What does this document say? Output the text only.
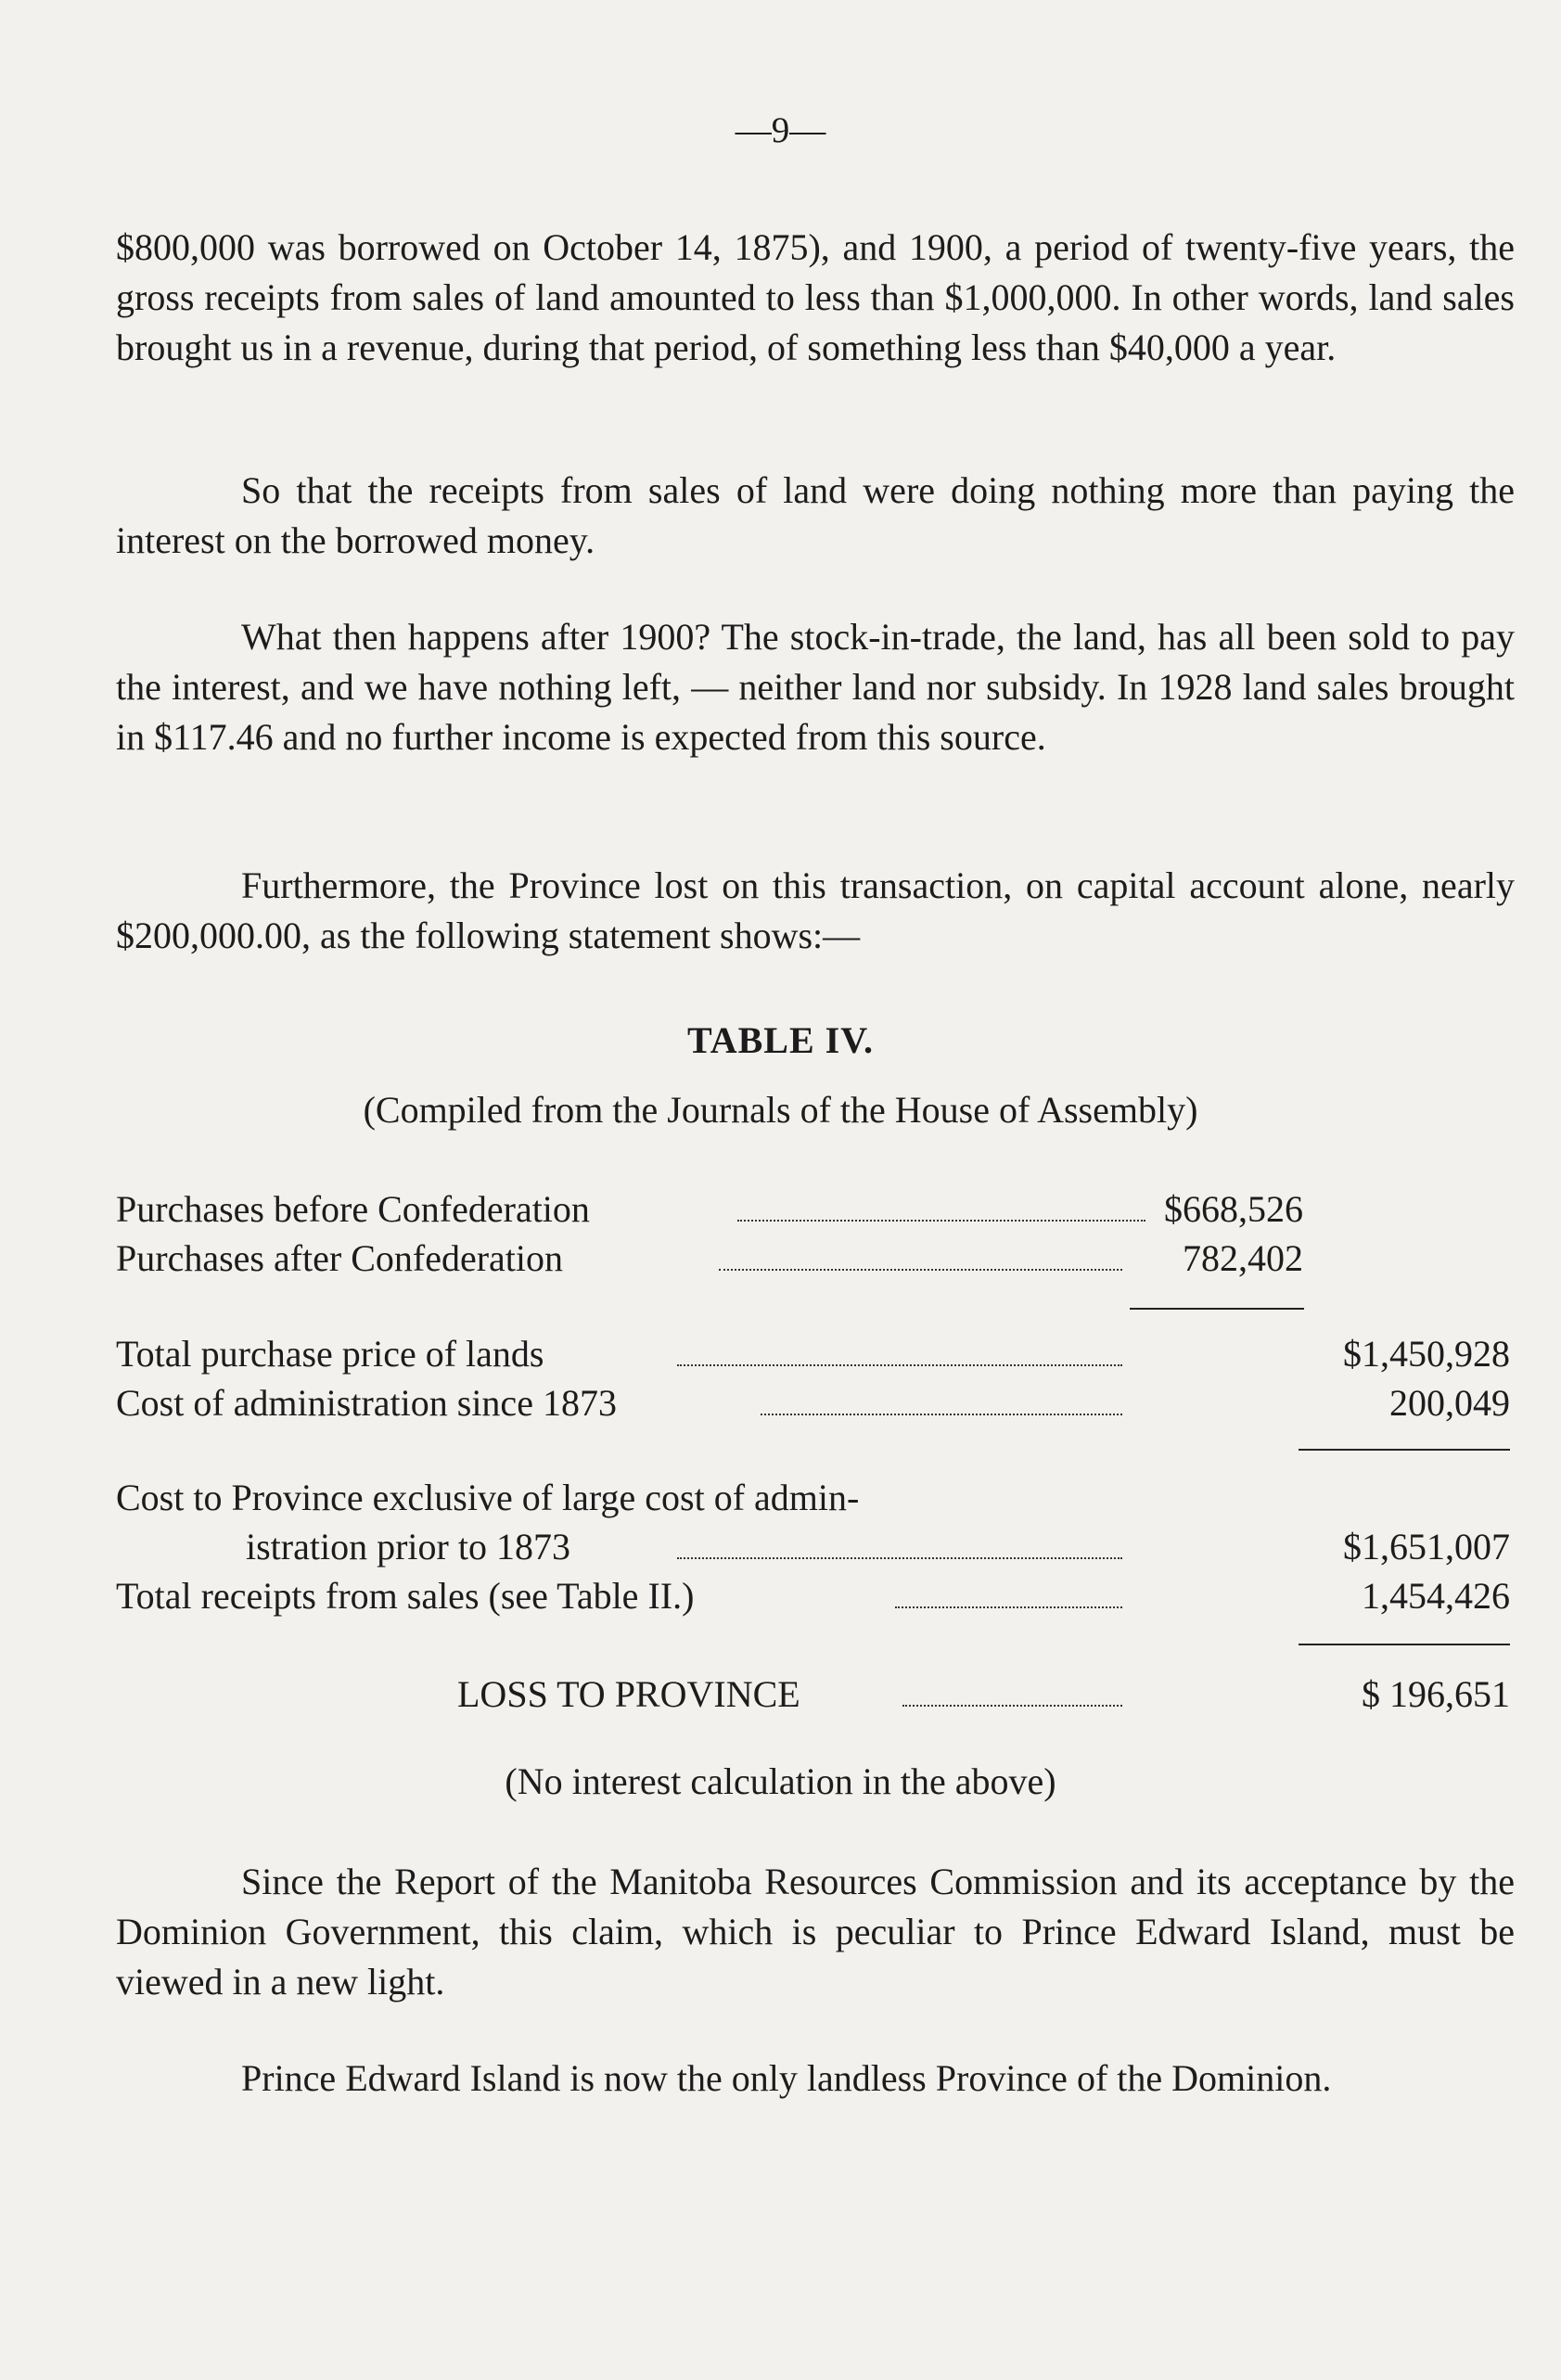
—9—

$800,000 was borrowed on October 14, 1875), and 1900, a period of twenty-five years, the gross receipts from sales of land amounted to less than $1,000,000. In other words, land sales brought us in a revenue, during that period, of something less than $40,000 a year.

So that the receipts from sales of land were doing nothing more than paying the interest on the borrowed money.

What then happens after 1900? The stock-in-trade, the land, has all been sold to pay the interest, and we have nothing left, — neither land nor subsidy. In 1928 land sales brought in $117.46 and no further income is expected from this source.

Furthermore, the Province lost on this transaction, on capital account alone, nearly $200,000.00, as the following statement shows:—

TABLE IV.
(Compiled from the Journals of the House of Assembly)
Purchases before Confederation	$668,526
Purchases after Confederation	782,402
Total purchase price of lands	$1,450,928
Cost of administration since 1873	200,049
Cost to Province exclusive of large cost of admin-
istration prior to 1873	$1,651,007
Total receipts from sales (see Table II.)	1,454,426
LOSS TO PROVINCE	$ 196,651
(No interest calculation in the above)

Since the Report of the Manitoba Resources Commission and its acceptance by the Dominion Government, this claim, which is peculiar to Prince Edward Island, must be viewed in a new light.

Prince Edward Island is now the only landless Province of the Dominion.
